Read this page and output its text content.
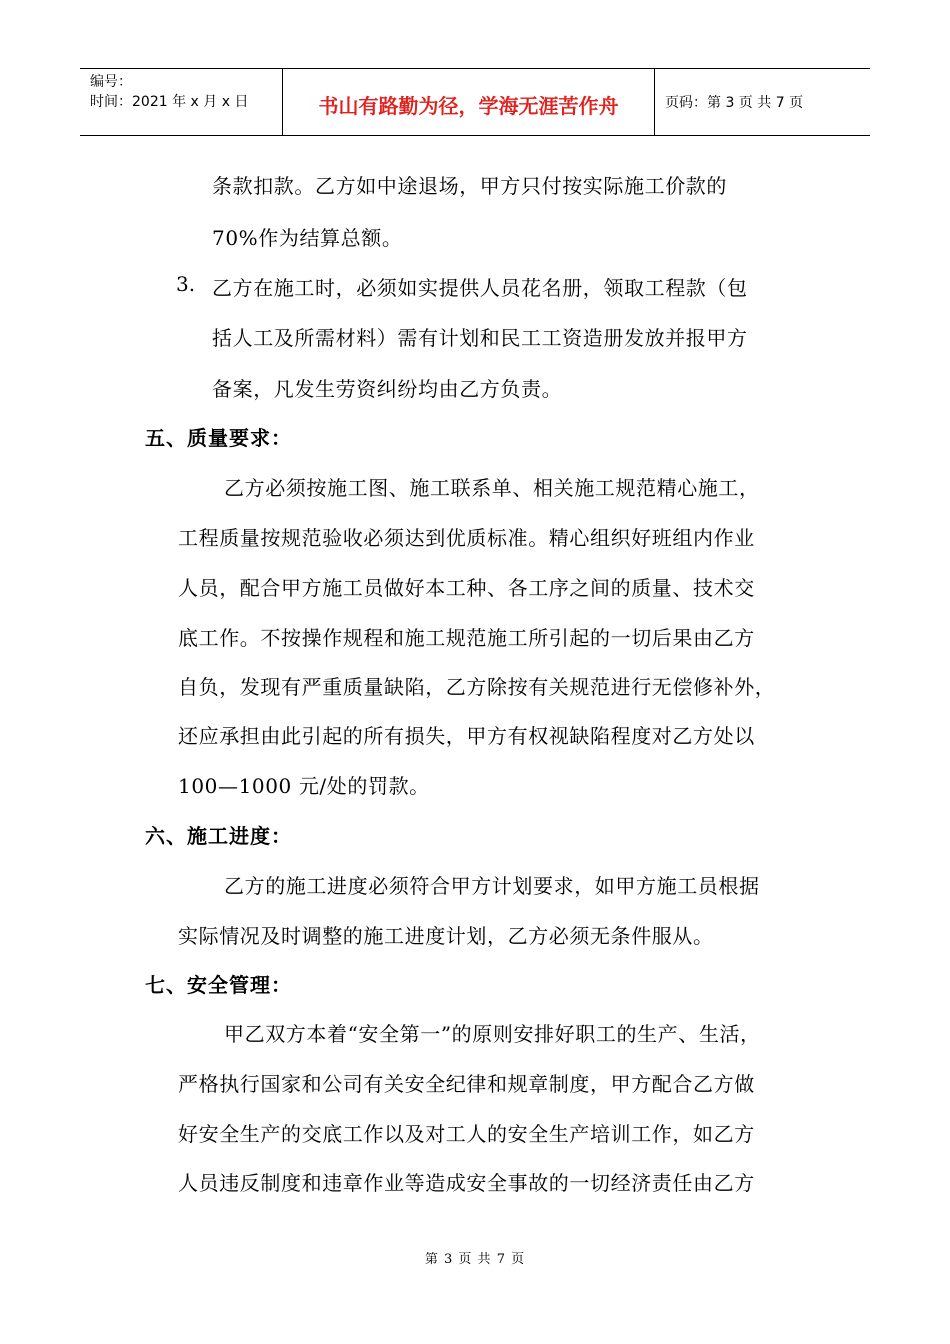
编号：
时间：2021 年 x 月 x 日	书山有路勤为径，学海无涯苦作舟	页码：第 3 页 共 7 页
条款扣款。乙方如中途退场，甲方只付按实际施工价款的
70%作为结算总额。
3. 乙方在施工时，必须如实提供人员花名册，领取工程款（包
括人工及所需材料）需有计划和民工工资造册发放并报甲方
备案，凡发生劳资纠纷均由乙方负责。
五、质量要求：
乙方必须按施工图、施工联系单、相关施工规范精心施工，
工程质量按规范验收必须达到优质标准。精心组织好班组内作业
人员，配合甲方施工员做好本工种、各工序之间的质量、技术交
底工作。不按操作规程和施工规范施工所引起的一切后果由乙方
自负，发现有严重质量缺陷，乙方除按有关规范进行无偿修补外，
还应承担由此引起的所有损失，甲方有权视缺陷程度对乙方处以
100—1000 元/处的罚款。
六、施工进度：
乙方的施工进度必须符合甲方计划要求，如甲方施工员根据
实际情况及时调整的施工进度计划，乙方必须无条件服从。
七、安全管理：
甲乙双方本着“安全第一”的原则安排好职工的生产、生活，
严格执行国家和公司有关安全纪律和规章制度，甲方配合乙方做
好安全生产的交底工作以及对工人的安全生产培训工作，如乙方
人员违反制度和违章作业等造成安全事故的一切经济责任由乙方
第 3 页 共 7 页
